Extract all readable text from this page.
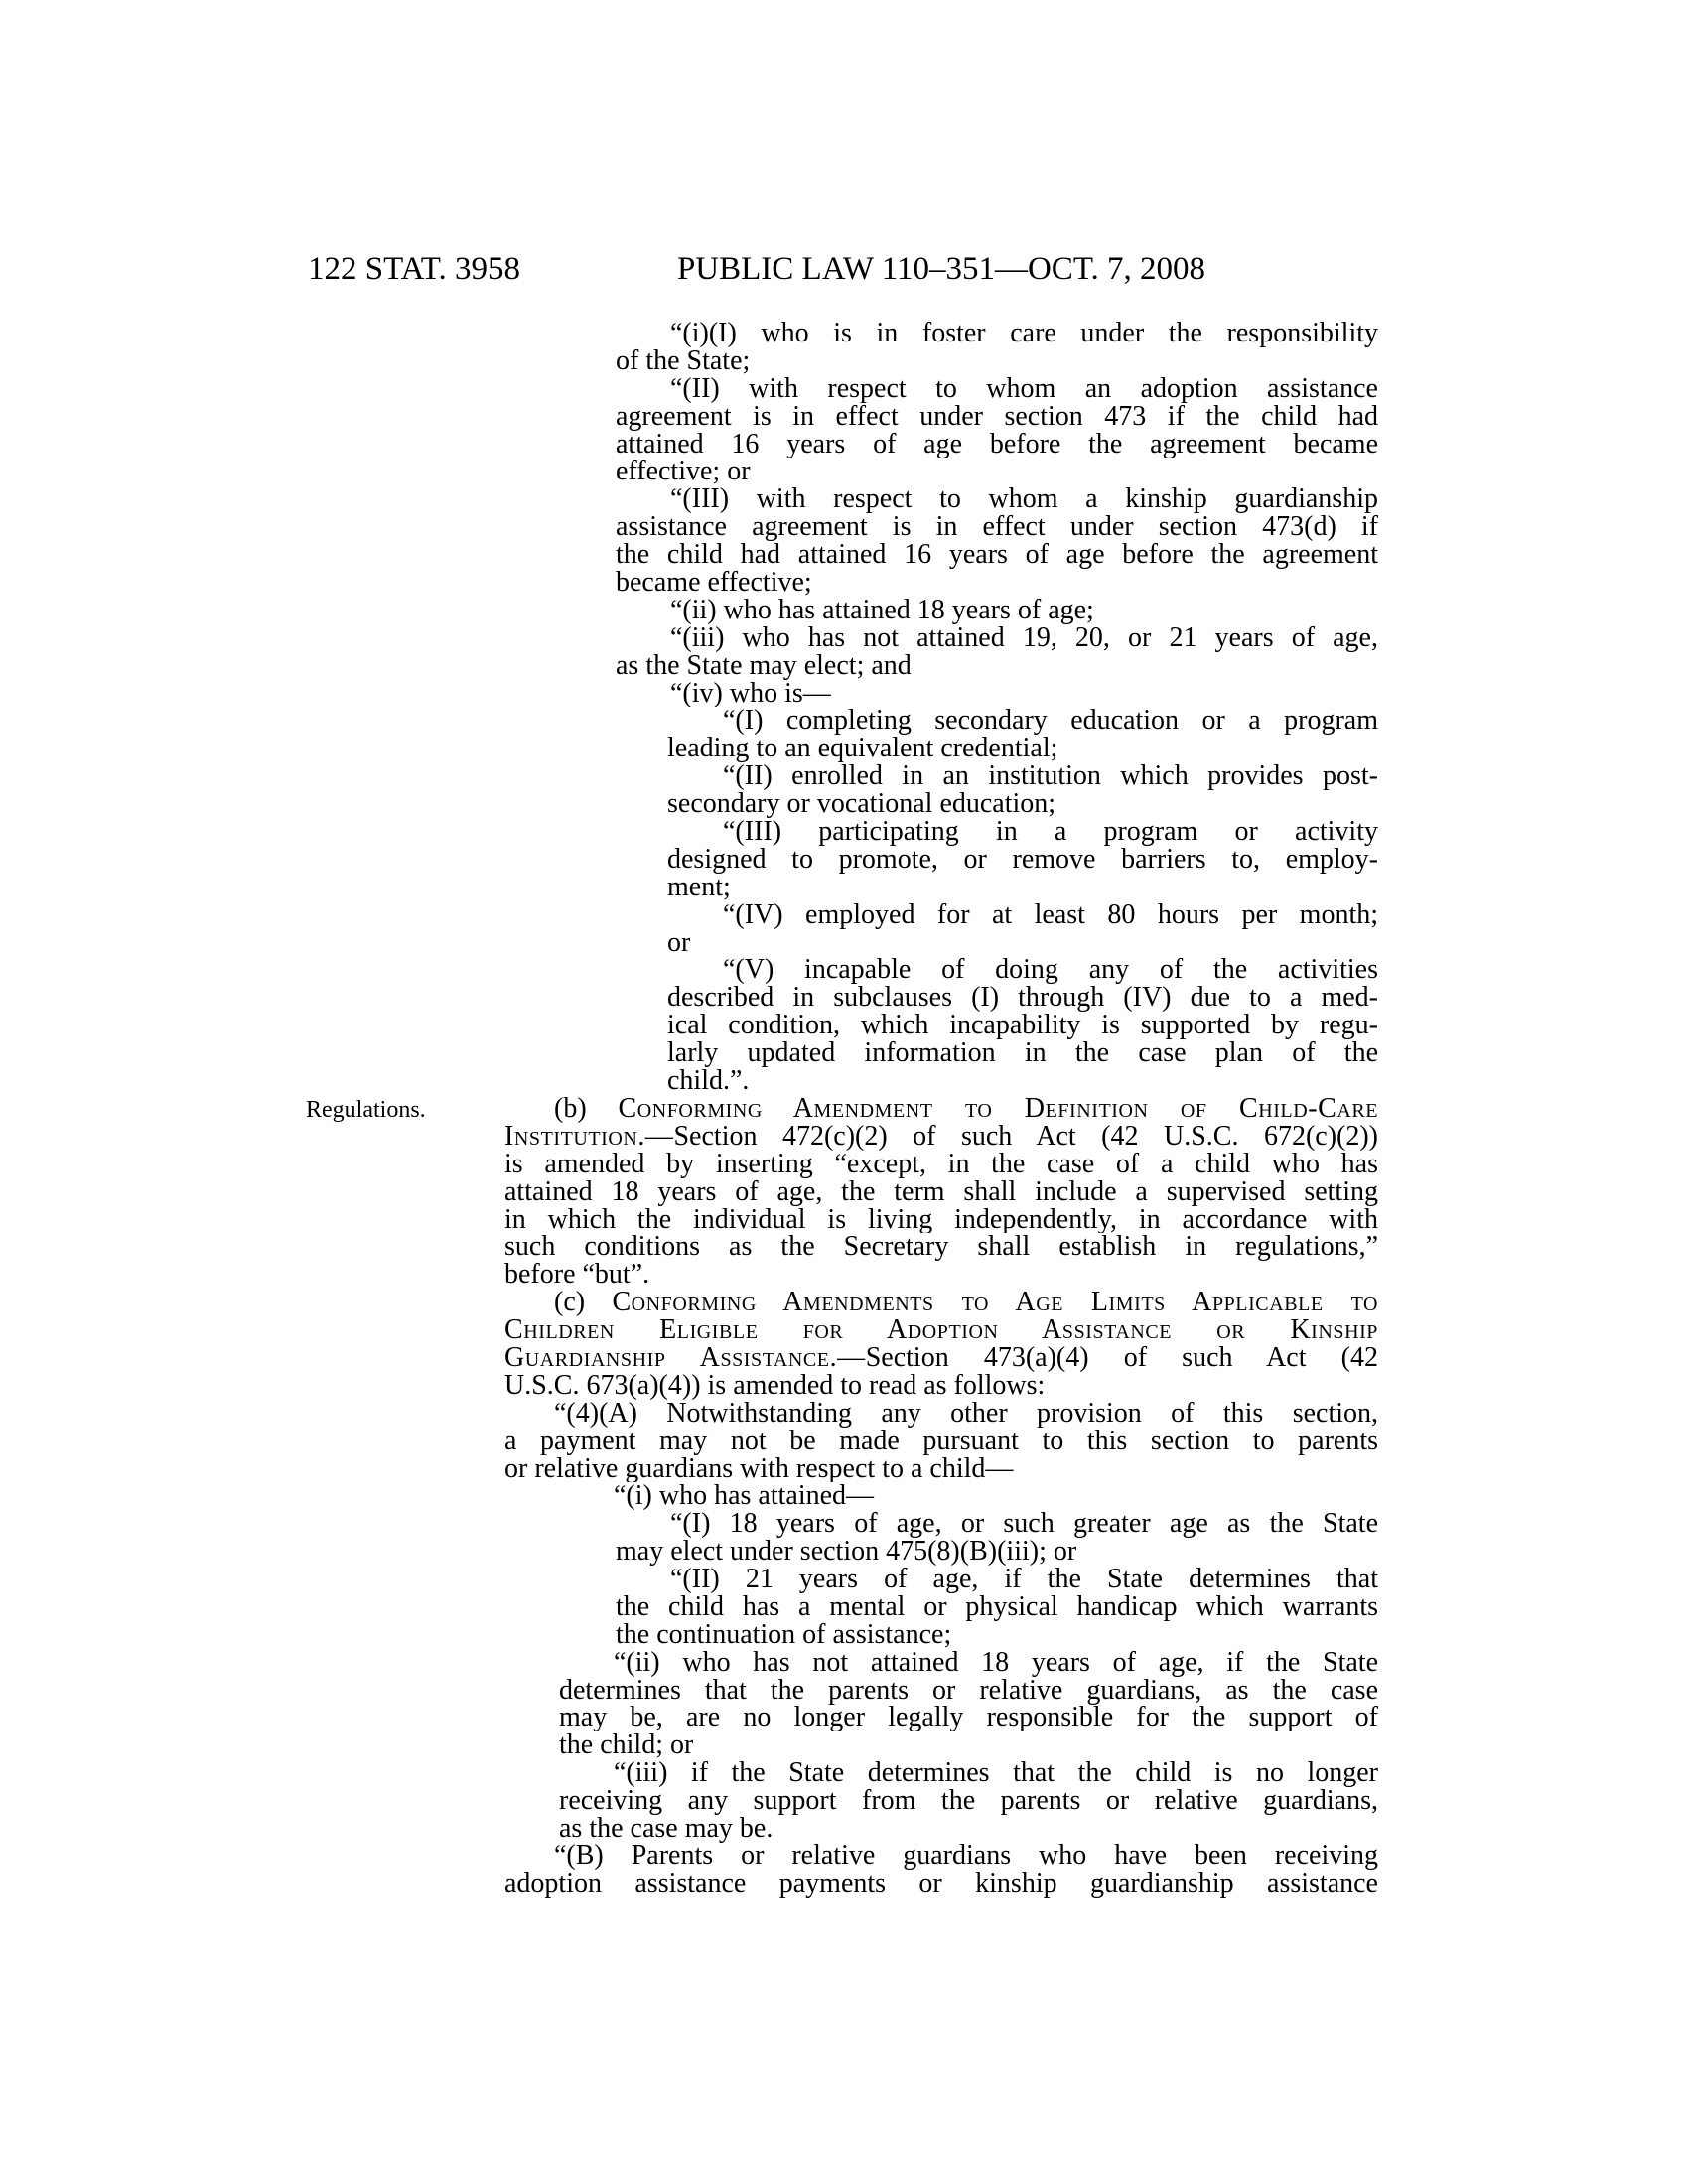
122 STAT. 3958	PUBLIC LAW 110–351—OCT. 7, 2008
Regulations.
“(i)(I) who is in foster care under the responsibility
of the State;
“(II) with respect to whom an adoption assistance
agreement is in effect under section 473 if the child had
attained 16 years of age before the agreement became
effective; or
“(III) with respect to whom a kinship guardianship
assistance agreement is in effect under section 473(d) if
the child had attained 16 years of age before the agreement
became effective;
“(ii) who has attained 18 years of age;
“(iii) who has not attained 19, 20, or 21 years of age,
as the State may elect; and
“(iv) who is—
“(I) completing secondary education or a program
leading to an equivalent credential;
“(II) enrolled in an institution which provides post-
secondary or vocational education;
“(III) participating in a program or activity
designed to promote, or remove barriers to, employ-
ment;
“(IV) employed for at least 80 hours per month;
or
“(V) incapable of doing any of the activities
described in subclauses (I) through (IV) due to a med-
ical condition, which incapability is supported by regu-
larly updated information in the case plan of the
child.”.
(b) Conforming Amendment to Definition of Child-Care
Institution.—Section 472(c)(2) of such Act (42 U.S.C. 672(c)(2))
is amended by inserting “except, in the case of a child who has
attained 18 years of age, the term shall include a supervised setting
in which the individual is living independently, in accordance with
such conditions as the Secretary shall establish in regulations,”
before “but”.
(c) Conforming Amendments to Age Limits Applicable to
Children Eligible for Adoption Assistance or Kinship
Guardianship Assistance.—Section 473(a)(4) of such Act (42
U.S.C. 673(a)(4)) is amended to read as follows:
“(4)(A) Notwithstanding any other provision of this section,
a payment may not be made pursuant to this section to parents
or relative guardians with respect to a child—
“(i) who has attained—
“(I) 18 years of age, or such greater age as the State
may elect under section 475(8)(B)(iii); or
“(II) 21 years of age, if the State determines that
the child has a mental or physical handicap which warrants
the continuation of assistance;
“(ii) who has not attained 18 years of age, if the State
determines that the parents or relative guardians, as the case
may be, are no longer legally responsible for the support of
the child; or
“(iii) if the State determines that the child is no longer
receiving any support from the parents or relative guardians,
as the case may be.
“(B) Parents or relative guardians who have been receiving
adoption assistance payments or kinship guardianship assistance
